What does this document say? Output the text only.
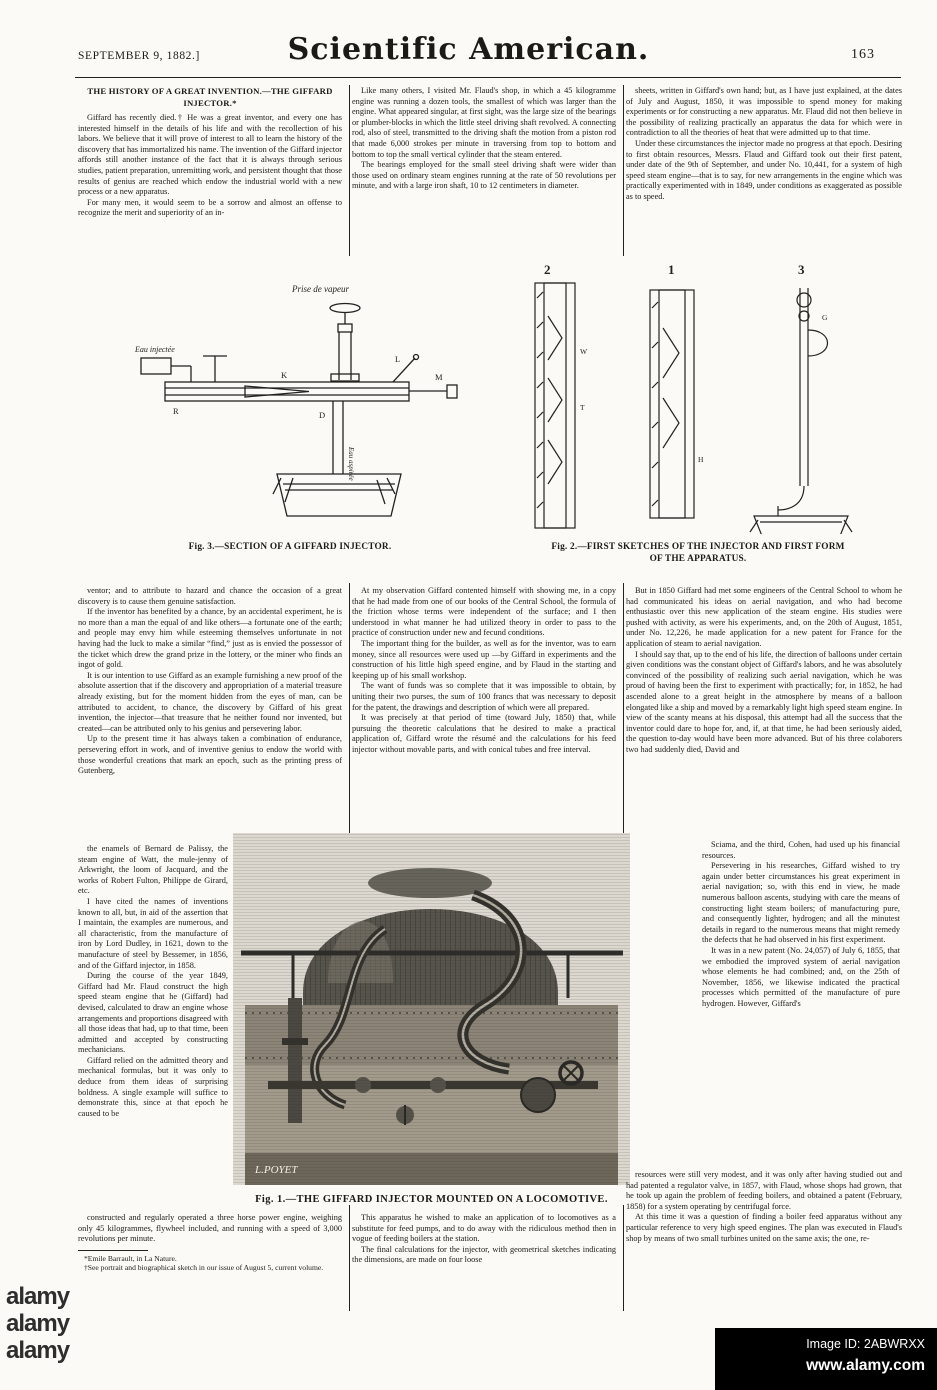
SEPTEMBER 9, 1882.]	Scientific American.	163
THE HISTORY OF A GREAT INVENTION.—THE GIFFARD INJECTOR.*

Giffard has recently died.† He was a great inventor, and every one has interested himself in the details of his life and with the recollection of his labors. We believe that it will prove of interest to all to learn the history of the discovery that has immortalized his name. The invention of the Giffard injector affords still another instance of the fact that it is always through serious studies, patient preparation, unremitting work, and persistent thought that those results of genius are reached which endow the industrial world with a new process or a new apparatus.

For many men, it would seem to be a sorrow and almost an offense to recognize the merit and superiority of an in-

Like many others, I visited Mr. Flaud's shop, in which a 45 kilogramme engine was running a dozen tools, the smallest of which was larger than the engine. What appeared singular, at first sight, was the large size of the bearings or plumber-blocks in which the little steel driving shaft revolved. A connecting rod, also of steel, transmitted to the driving shaft the motion from a piston rod that made 6,000 strokes per minute in traversing from top to bottom and bottom to top the small vertical cylinder that the steam entered.

The bearings employed for the small steel driving shaft were wider than those used on ordinary steam engines running at the rate of 50 revolutions per minute, and with a large iron shaft, 10 to 12 centimeters in diameter.

sheets, written in Giffard's own hand; but, as I have just explained, at the dates of July and August, 1850, it was impossible to spend money for making experiments or for constructing a new apparatus. Mr. Flaud did not then believe in the possibility of realizing practically an apparatus the data for which were in contradiction to all the theories of heat that were admitted up to that time.

Under these circumstances the injector made no progress at that epoch. Desiring to first obtain resources, Messrs. Flaud and Giffard took out their first patent, under date of the 9th of September, and under No. 10,441, for a system of high speed steam engine—that is to say, for new arrangements in the engine which was practically experimented with in 1849, under conditions as exaggerated as possible as to speed.

Prise de vapeur
Eau injectée
Eau aspirée
K
L
M
R	D
Fig. 3.—SECTION OF A GIFFARD INJECTOR.
2	1	3
W
T
H
G
Fig. 2.—FIRST SKETCHES OF THE INJECTOR AND FIRST FORM
OF THE APPARATUS.

ventor; and to attribute to hazard and chance the occasion of a great discovery is to cause them genuine satisfaction.

If the inventor has benefited by a chance, by an accidental experiment, he is no more than a man the equal of and like others—a fortunate one of the earth; and people may envy him while esteeming themselves unfortunate in not having had the luck to make a similar “find,” just as is envied the possessor of the ticket which drew the grand prize in the lottery, or the miner who finds an ingot of gold.

It is our intention to use Giffard as an example furnishing a new proof of the absolute assertion that if the discovery and appropriation of a material treasure already existing, but for the moment hidden from the eyes of man, can be attributed to accident, to chance, the discovery by Giffard of his great invention, the injector—that treasure that he neither found nor invented, but created—can be attributed only to his genius and persevering labor.

Up to the present time it has always taken a combination of endurance, persevering effort in work, and of inventive genius to endow the world with those wonderful creations that mark an epoch, such as the printing press of Gutenberg,

the enamels of Bernard de Palissy, the steam engine of Watt, the mule-jenny of Arkwright, the loom of Jacquard, and the works of Robert Fulton, Philippe de Girard, etc.

I have cited the names of inventions known to all, but, in aid of the assertion that I maintain, the examples are numerous, and all characteristic, from the manufacture of iron by Lord Dudley, in 1621, down to the manufacture of steel by Bessemer, in 1856, and of the Giffard injector, in 1858.

During the course of the year 1849, Giffard had Mr. Flaud construct the high speed steam engine that he (Giffard) had devised, calculated to draw an engine whose arrangements and proportions disagreed with all those ideas that had, up to that time, been admitted and accepted by constructing mechanicians.

Giffard relied on the admitted theory and mechanical formulas, but it was only to deduce from them ideas of surprising boldness. A single example will suffice to demonstrate this, since at that epoch he caused to be

At my observation Giffard contented himself with showing me, in a copy that he had made from one of our books of the Central School, the formula of the friction whose terms were independent of the surface; and I then understood in what manner he had utilized theory in order to pass to the practice of construction under new and fecund conditions.

The important thing for the builder, as well as for the inventor, was to earn money, since all resources were used up —by Giffard in experiments and the construction of his little high speed engine, and by Flaud in the starting and keeping up of his small workshop.

The want of funds was so complete that it was impossible to obtain, by uniting their two purses, the sum of 100 francs that was necessary to deposit for the patent, the drawings and description of which were all prepared.

It was precisely at that period of time (toward July, 1850) that, while pursuing the theoretic calculations that he desired to make a practical application of, Giffard wrote the résumé and the calculations for his feed injector without movable parts, and with conical tubes and free interval.

But in 1850 Giffard had met some engineers of the Central School to whom he had communicated his ideas on aerial navigation, and who had become enthusiastic over this new application of the steam engine. His studies were pushed with activity, as were his experiments, and, on the 20th of August, 1851, under No. 12,226, he made application for a new patent for France for the application of steam to aerial navigation.

I should say that, up to the end of his life, the direction of balloons under certain given conditions was the constant object of Giffard's labors, and he was absolutely convinced of the possibility of realizing such aerial navigation, which he was proud of having been the first to experiment with practically; for, in 1852, he had ascended alone to a great height in the atmosphere by means of a balloon elongated like a ship and moved by a remarkably light high speed steam engine. In view of the scanty means at his disposal, this attempt had all the success that the inventor could dare to hope for, and, if, at that time, he had been seriously aided, the question to-day would have been more advanced. But of his three colaborers two had suddenly died, David and

Sciama, and the third, Cohen, had used up his financial resources.

Persevering in his researches, Giffard wished to try again under better circumstances his great experiment in aerial navigation; so, with this end in view, he made numerous balloon ascents, studying with care the means of constructing light steam boilers; of manufacturing pure, and consequently lighter, hydrogen; and all the minutest details in regard to the numerous means that might remedy the defects that he had observed in his first experiment.

It was in a new patent (No. 24,057) of July 6, 1855, that we embodied the improved system of aerial navigation whose elements he had combined; and, on the 25th of November, 1856, we likewise indicated the practical processes which permitted of the manufacture of pure hydrogen. However, Giffard's

L.POYET
Fig. 1.—THE GIFFARD INJECTOR MOUNTED ON A LOCOMOTIVE.

constructed and regularly operated a three horse power engine, weighing only 45 kilogrammes, flywheel included, and running with a speed of 3,000 revolutions per minute.

*Emile Barrault, in La Nature.

†See portrait and biographical sketch in our issue of August 5, current volume.

This apparatus he wished to make an application of to locomotives as a substitute for feed pumps, and to do away with the ridiculous method then in vogue of feeding boilers at the station.

The final calculations for the injector, with geometrical sketches indicating the dimensions, are made on four loose

resources were still very modest, and it was only after having studied out and had patented a regulator valve, in 1857, with Flaud, whose shops had grown, that he took up again the problem of feeding boilers, and obtained a patent (February, 1858) for a system operating by centrifugal force.

At this time it was a question of finding a boiler feed apparatus without any particular reference to very high speed engines. The plan was executed in Flaud's shop by means of two small turbines united on the same axis; the one, re-

alamy
alamy
alamy	Image ID: 2ABWRXX
www.alamy.com
